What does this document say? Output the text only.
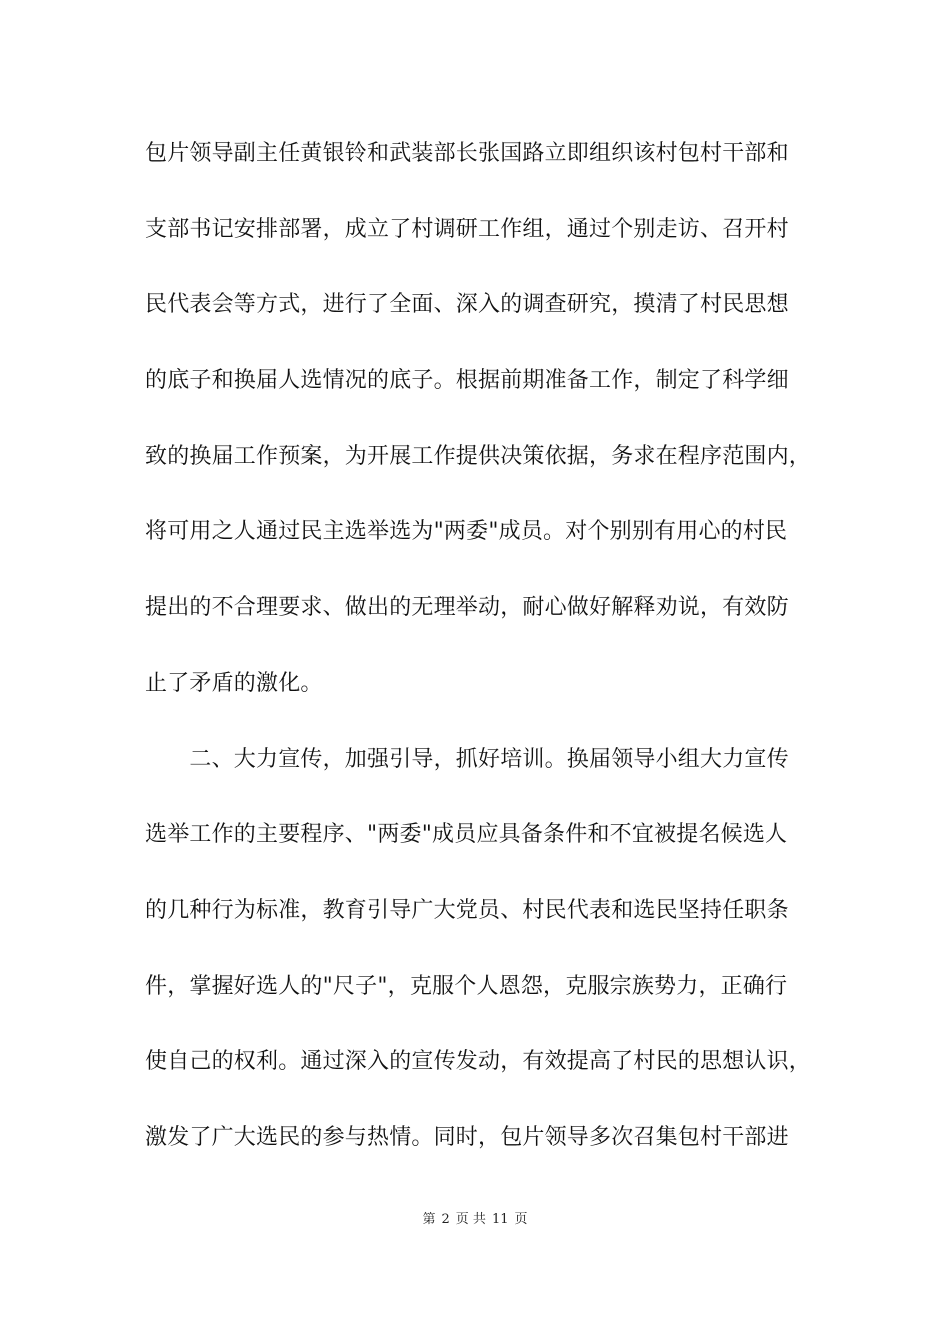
包片领导副主任黄银铃和武装部长张国路立即组织该村包村干部和
支部书记安排部署，成立了村调研工作组，通过个别走访、召开村
民代表会等方式，进行了全面、深入的调查研究，摸清了村民思想
的底子和换届人选情况的底子。根据前期准备工作，制定了科学细
致的换届工作预案，为开展工作提供决策依据，务求在程序范围内，
将可用之人通过民主选举选为"两委"成员。对个别别有用心的村民
提出的不合理要求、做出的无理举动，耐心做好解释劝说，有效防
止了矛盾的激化。
　　二、大力宣传，加强引导，抓好培训。换届领导小组大力宣传
选举工作的主要程序、"两委"成员应具备条件和不宜被提名候选人
的几种行为标准，教育引导广大党员、村民代表和选民坚持任职条
件，掌握好选人的"尺子"，克服个人恩怨，克服宗族势力，正确行
使自己的权利。通过深入的宣传发动，有效提高了村民的思想认识，
激发了广大选民的参与热情。同时，包片领导多次召集包村干部进
第 2 页 共 11 页
